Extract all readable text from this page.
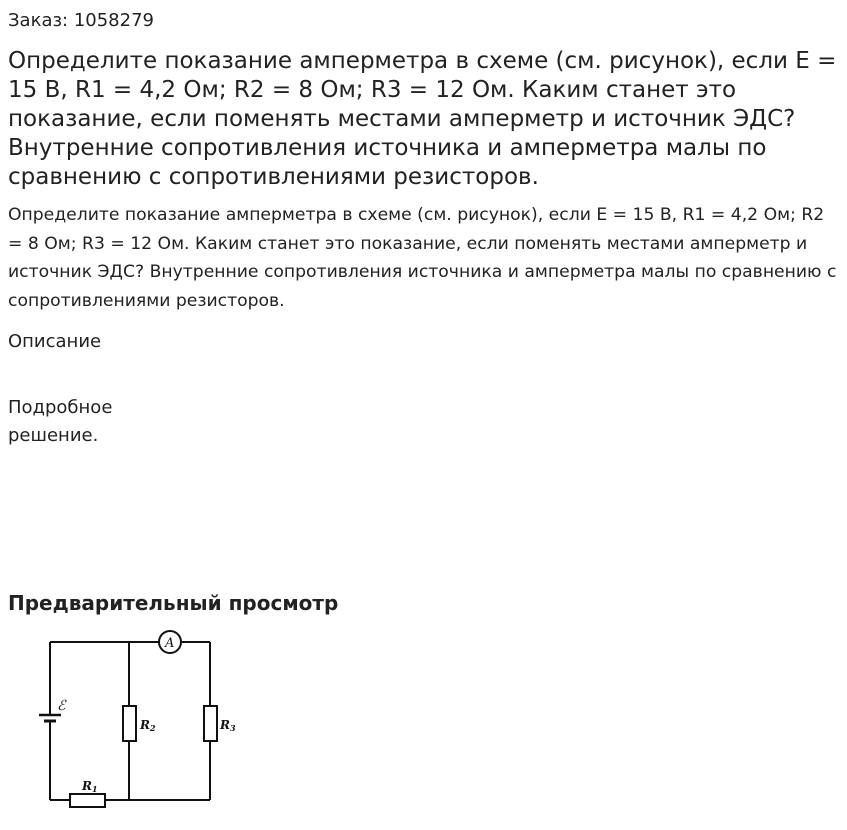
Заказ: 1058279
Определите показание амперметра в схеме (см. рисунок), если E = 15 В, R1 = 4,2 Ом; R2 = 8 Ом; R3 = 12 Ом. Каким станет это показание, если поменять местами амперметр и источник ЭДС? Внутренние сопротивления источника и амперметра малы по сравнению с сопротивлениями резисторов.
Определите показание амперметра в схеме (см. рисунок), если E = 15 В, R1 = 4,2 Ом; R2 = 8 Ом; R3 = 12 Ом. Каким станет это показание, если поменять местами амперметр и источник ЭДС? Внутренние сопротивления источника и амперметра малы по сравнению с сопротивлениями резисторов.
Описание
Подробное решение.
Предварительный просмотр
A
ℰ
R1
R2	R3
